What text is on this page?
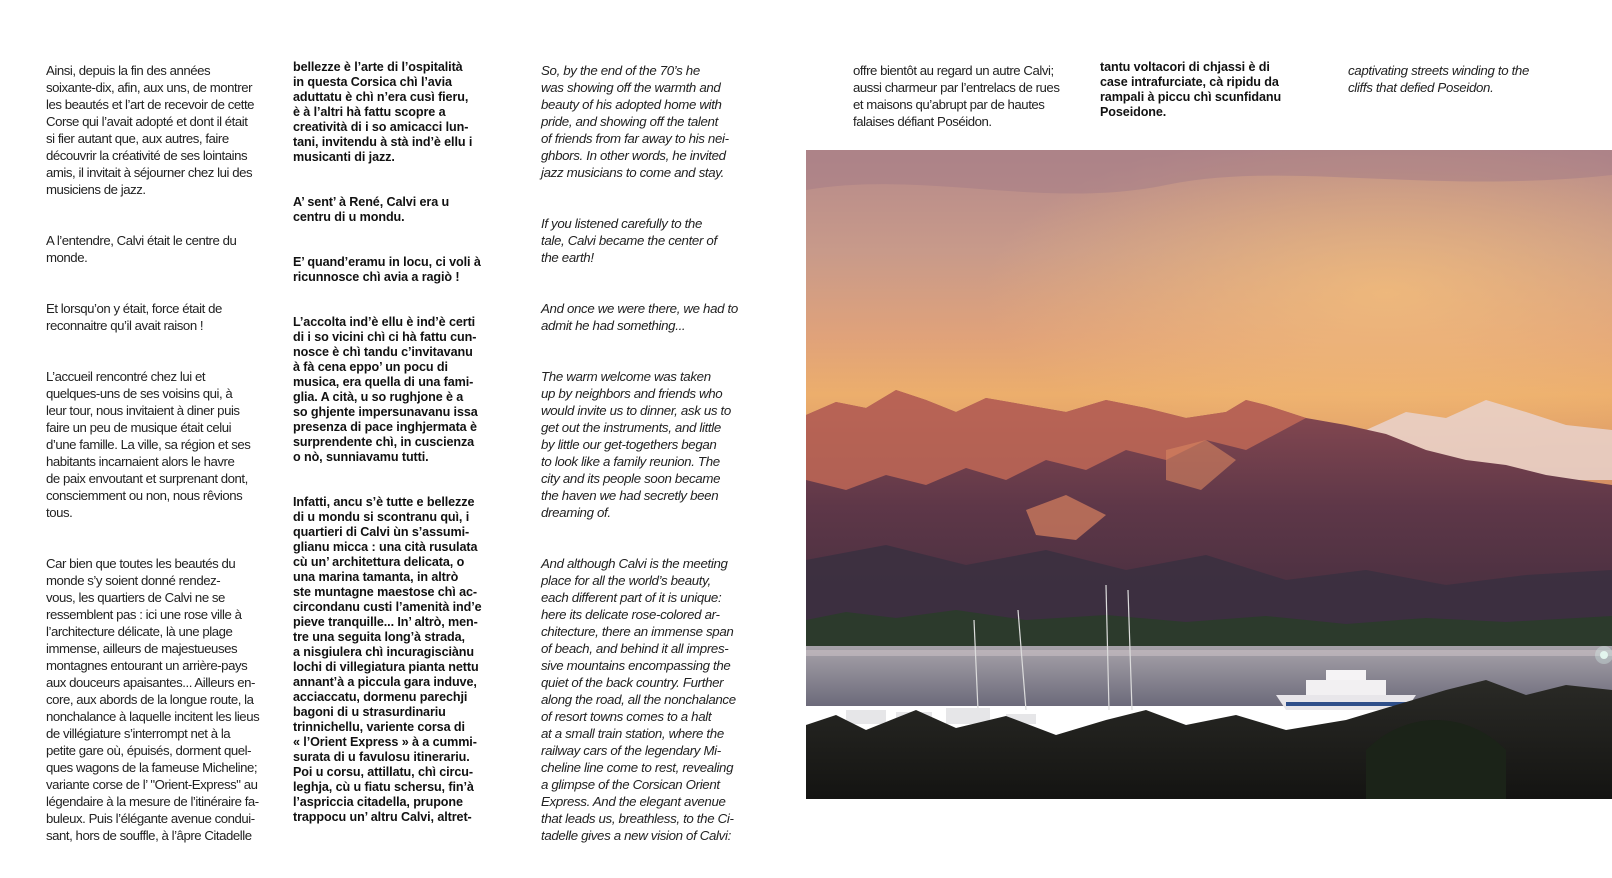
Ainsi, depuis la fin des années
soixante-dix, afin, aux uns, de montrer
les beautés et l’art de recevoir de cette
Corse qui l’avait adopté et dont il était
si fier autant que, aux autres, faire
découvrir la créativité de ses lointains
amis, il invitait à séjourner chez lui des
musiciens de jazz.

A l’entendre, Calvi était le centre du
monde.

Et lorsqu’on y était, force était de
reconnaitre qu’il avait raison !

L’accueil rencontré chez lui et
quelques-uns de ses voisins qui, à
leur tour, nous invitaient à diner puis
faire un peu de musique était celui
d’une famille. La ville, sa région et ses
habitants incarnaient alors le havre
de paix envoutant et surprenant dont,
consciemment ou non, nous rêvions
tous.

Car bien que toutes les beautés du
monde s’y soient donné rendez-
vous, les quartiers de Calvi ne se
ressemblent pas : ici une rose ville à
l’architecture délicate, là une plage
immense, ailleurs de majestueuses
montagnes entourant un arrière-pays
aux douceurs apaisantes... Ailleurs en-
core, aux abords de la longue route, la
nonchalance à laquelle incitent les lieus
de villégiature s’interrompt net à la
petite gare où, épuisés, dorment quel-
ques wagons de la fameuse Micheline;
variante corse de l’ "Orient-Express" au
légendaire à la mesure de l’itinéraire fa-
buleux. Puis l’élégante avenue condui-
sant, hors de souffle, à l’âpre Citadelle

bellezze è l’arte di l’ospitalità
in questa Corsica chì l’avia
aduttatu è chì n’era cusì fieru,
è à l’altri hà fattu scopre a
creatività di i so amicacci lun-
tani, invitendu à stà ind’è ellu i
musicanti di jazz.

A’ sent’ à René, Calvi era u
centru di u mondu.

E’ quand’eramu in locu, ci voli à
ricunnosce chì avia a ragiò !

L’accolta ind’è ellu è ind’è certi
di i so vicini chì ci hà fattu cun-
nosce è chì tandu c’invitavanu
à fà cena eppo’ un pocu di
musica, era quella di una fami-
glia. A cità, u so rughjone è a
so ghjente impersunavanu issa
presenza di pace inghjermata è
surprendente chì, in cuscienza
o nò, sunniavamu tutti.

Infatti, ancu s’è tutte e bellezze
di u mondu si scontranu quì, i
quartieri di Calvi ùn s’assumi-
glianu micca : una cità rusulata
cù un’ architettura delicata, o
una marina tamanta, in altrò
ste muntagne maestose chì ac-
circondanu custi l’amenità ind’e
pieve tranquille... In’ altrò, men-
tre una seguita long’à strada,
a nisgiulera chì incuragisciànu
lochi di villegiatura pianta nettu
annant’à a piccula gara induve,
acciaccatu, dormenu parechji
bagoni di u strasurdinariu
trinnichellu, variente corsa di
« l’Orient Express » à a cummi-
surata di u favulosu itinerariu.
Poi u corsu, attillatu, chì circu-
leghja, cù u fiatu schersu, fin’à
l’aspriccia citadella, prupone
trappocu un’ altru Calvi, altret-

So, by the end of the 70’s he
was showing off the warmth and
beauty of his adopted home with
pride, and showing off the talent
of friends from far away to his nei-
ghbors. In other words, he invited
jazz musicians to come and stay.

If you listened carefully to the
tale, Calvi became the center of
the earth!

And once we were there, we had to
admit he had something...

The warm welcome was taken
up by neighbors and friends who
would invite us to dinner, ask us to
get out the instruments, and little
by little our get-togethers began
to look like a family reunion. The
city and its people soon became
the haven we had secretly been
dreaming of.

And although Calvi is the meeting
place for all the world’s beauty,
each different part of it is unique:
here its delicate rose-colored ar-
chitecture, there an immense span
of beach, and behind it all impres-
sive mountains encompassing the
quiet of the back country. Further
along the road, all the nonchalance
of resort towns comes to a halt
at a small train station, where the
railway cars of the legendary Mi-
cheline line come to rest, revealing
a glimpse of the Corsican Orient
Express. And the elegant avenue
that leads us, breathless, to the Ci-
tadelle gives a new vision of Calvi:

offre bientôt au regard un autre Calvi;
aussi charmeur par l’entrelacs de rues
et maisons qu’abrupt par de hautes
falaises défiant Poséidon.

tantu voltacori di chjassi è di
case intrafurciate, cà ripidu da
rampali à piccu chì scunfidanu
Poseidone.

captivating streets winding to the
cliffs that defied Poseidon.
